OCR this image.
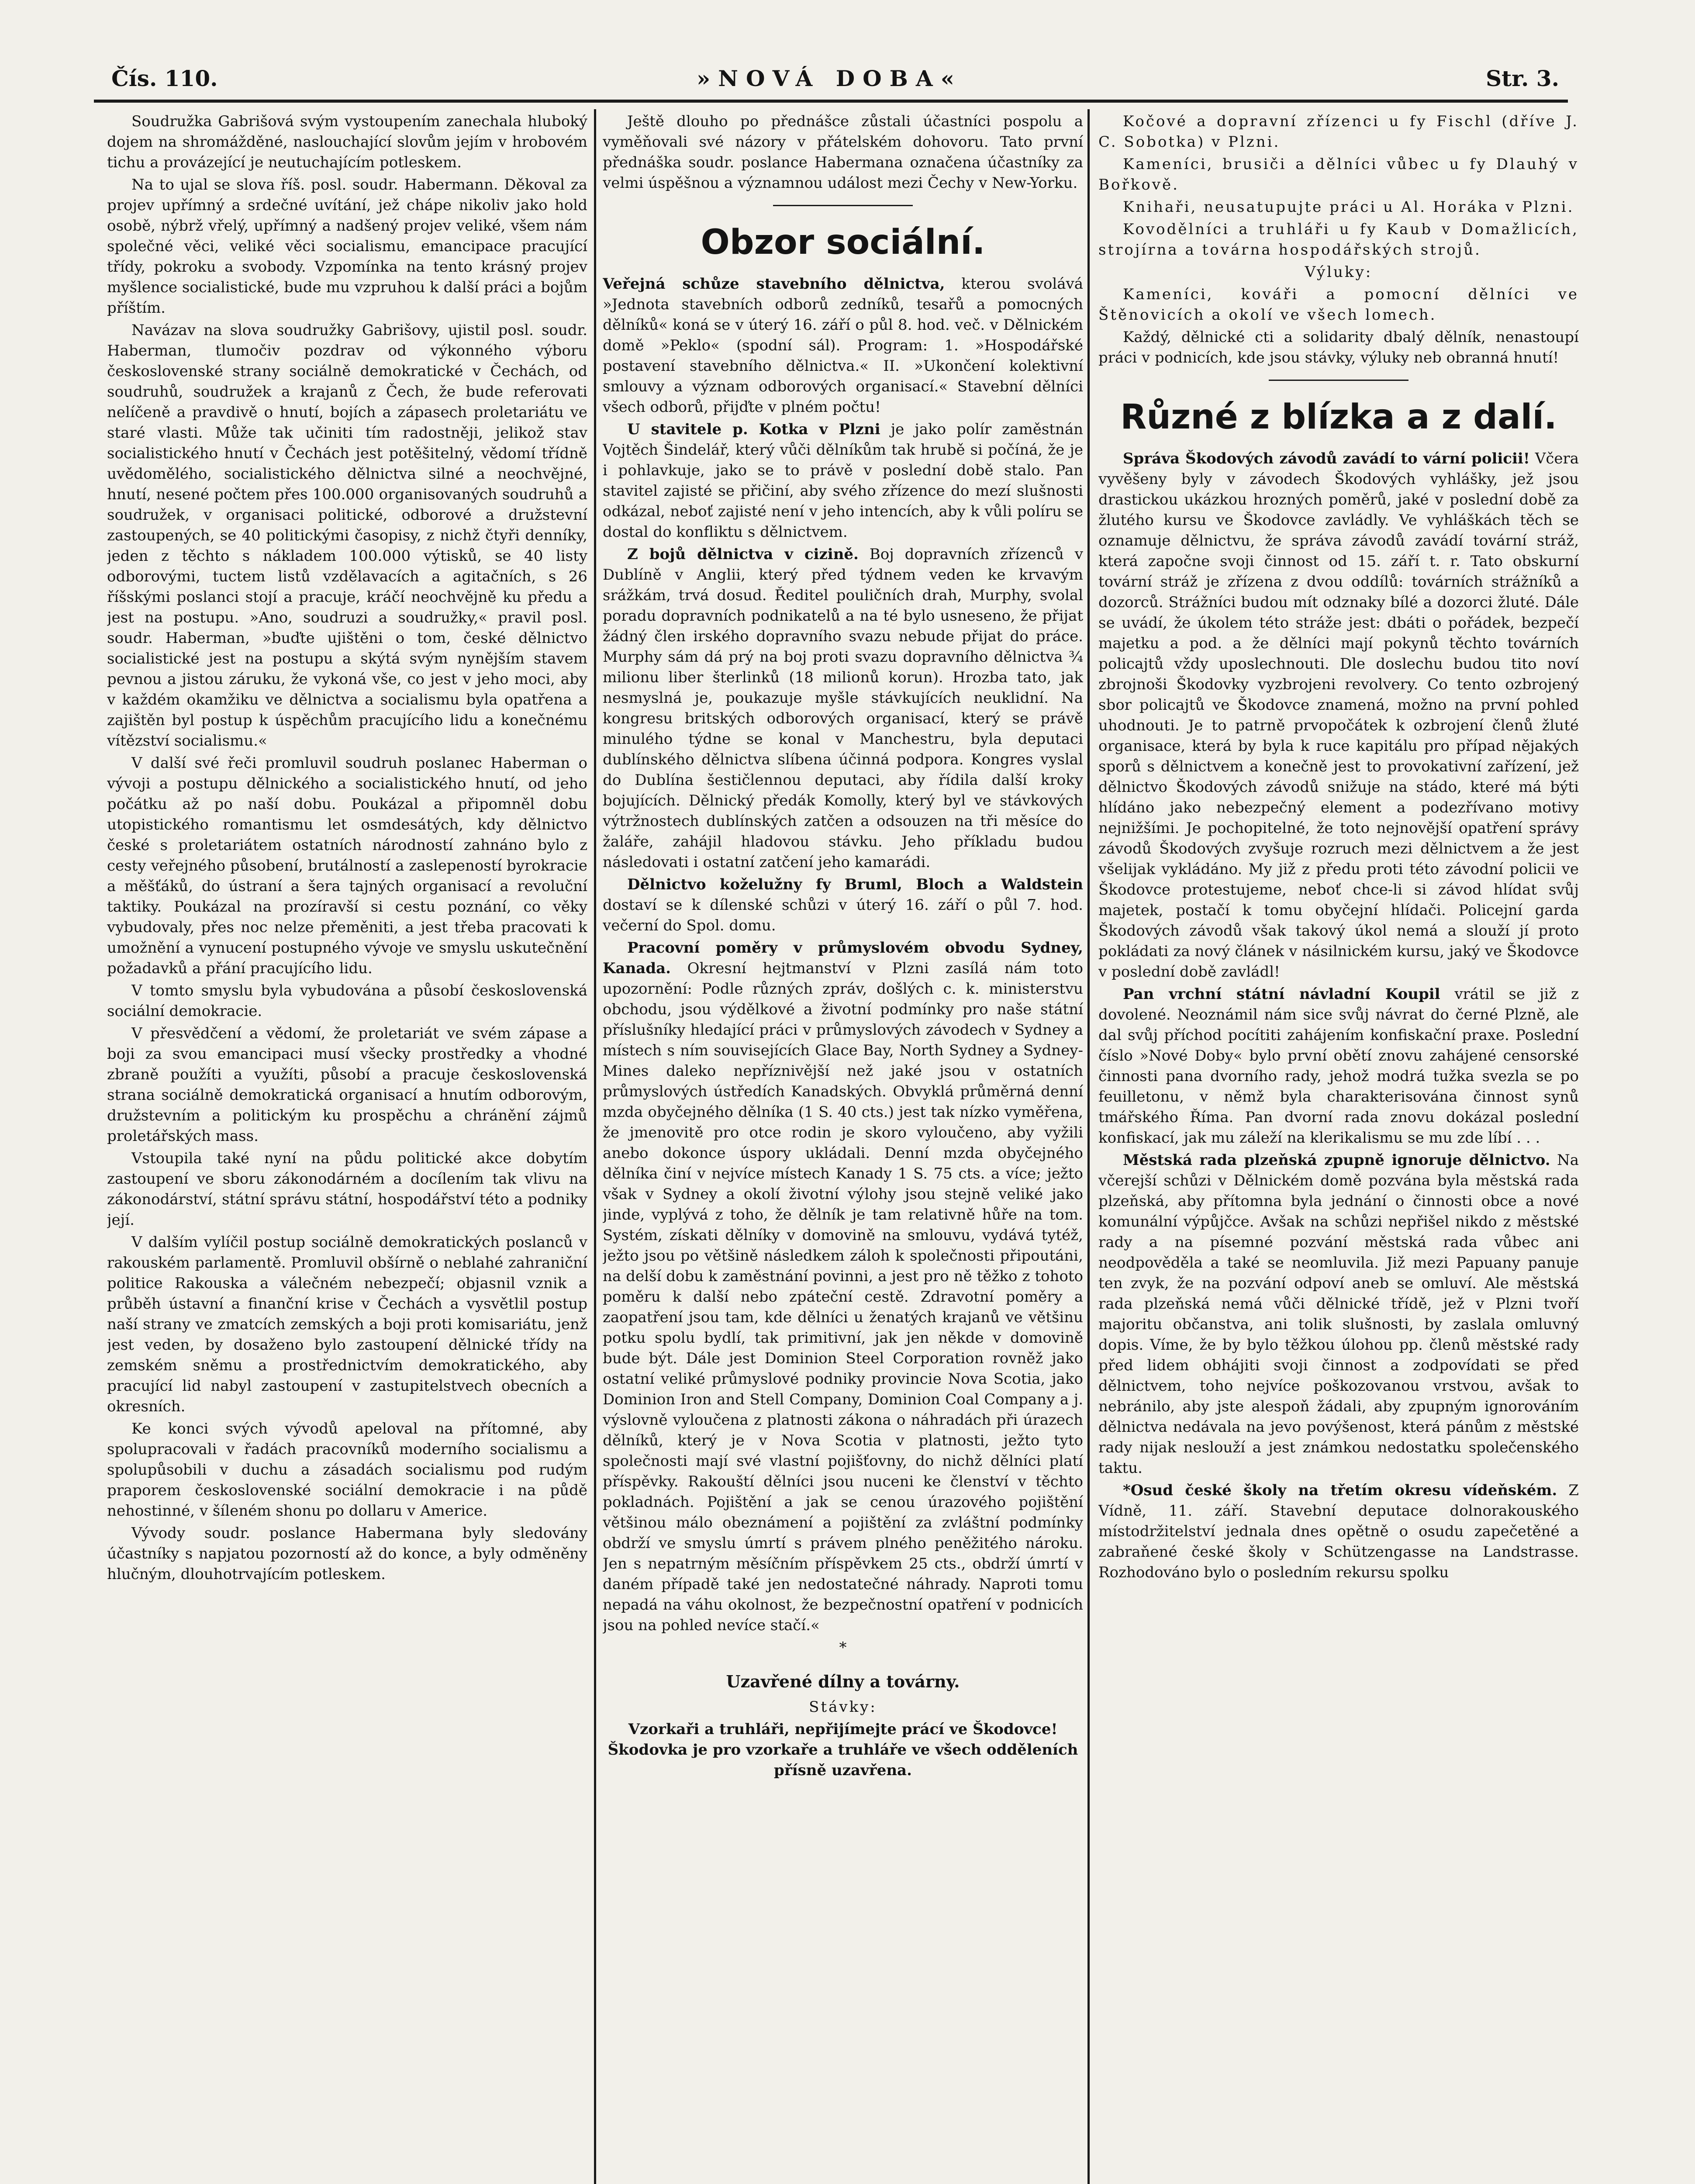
Čís. 110.	»NOVÁ DOBA«	Str. 3.

Soudružka Gabrišová svým vystoupením zanechala hluboký dojem na shromážděné, naslouchající slovům jejím v hrobovém tichu a provázející je neutuchajícím potleskem.

Na to ujal se slova říš. posl. soudr. Habermann. Děkoval za projev upřímný a srdečné uvítání, jež chápe nikoliv jako hold osobě, nýbrž vřelý, upřímný a nadšený projev veliké, všem nám společné věci, veliké věci socialismu, emancipace pracující třídy, pokroku a svobody. Vzpomínka na tento krásný projev myšlence socialistické, bude mu vzpruhou k další práci a bojům příštím.

Navázav na slova soudružky Gabrišovy, ujistil posl. soudr. Haberman, tlumočiv pozdrav od výkonného výboru československé strany sociálně demokratické v Čechách, od soudruhů, soudružek a krajanů z Čech, že bude referovati nelíčeně a pravdivě o hnutí, bojích a zápasech proletariátu ve staré vlasti. Může tak učiniti tím radostněji, jelikož stav socialistického hnutí v Čechách jest potěšitelný, vědomí třídně uvědomělého, socialistického dělnictva silné a neochvějné, hnutí, nesené počtem přes 100.000 organisovaných soudruhů a soudružek, v organisaci politické, odborové a družstevní zastoupených, se 40 politickými časopisy, z nichž čtyři denníky, jeden z těchto s nákladem 100.000 výtisků, se 40 listy odborovými, tuctem listů vzdělavacích a agitačních, s 26 říšskými poslanci stojí a pracuje, kráčí neochvějně ku předu a jest na postupu. »Ano, soudruzi a soudružky,« pravil posl. soudr. Haberman, »buďte ujištěni o tom, české dělnictvo socialistické jest na postupu a skýtá svým nynějším stavem pevnou a jistou záruku, že vykoná vše, co jest v jeho moci, aby v každém okamžiku ve dělnictva a socialismu byla opatřena a zajištěn byl postup k úspěchům pracujícího lidu a konečnému vítězství socialismu.«

V další své řeči promluvil soudruh poslanec Haberman o vývoji a postupu dělnického a socialistického hnutí, od jeho počátku až po naší dobu. Poukázal a připomněl dobu utopistického romantismu let osmdesátých, kdy dělnictvo české s proletariátem ostatních národností zahnáno bylo z cesty veřejného působení, brutálností a zaslepeností byrokracie a měšťáků, do ústraní a šera tajných organisací a revoluční taktiky. Poukázal na prozíravší si cestu poznání, co věky vybudovaly, přes noc nelze přeměniti, a jest třeba pracovati k umožnění a vynucení postupného vývoje ve smyslu uskutečnění požadavků a přání pracujícího lidu.

V tomto smyslu byla vybudována a působí československá sociální demokracie.

V přesvědčení a vědomí, že proletariát ve svém zápase a boji za svou emancipaci musí všecky prostředky a vhodné zbraně použíti a využíti, působí a pracuje československá strana sociálně demokratická organisací a hnutím odborovým, družstevním a politickým ku prospěchu a chránění zájmů proletářských mass.

Vstoupila také nyní na půdu politické akce dobytím zastoupení ve sboru zákonodárném a docílením tak vlivu na zákonodárství, státní správu státní, hospodářství této a podniky její.

V dalším vylíčil postup sociálně demokratických poslanců v rakouském parlamentě. Promluvil obšírně o neblahé zahraniční politice Rakouska a válečném nebezpečí; objasnil vznik a průběh ústavní a finanční krise v Čechách a vysvětlil postup naší strany ve zmatcích zemských a boji proti komisariátu, jenž jest veden, by dosaženo bylo zastoupení dělnické třídy na zemském sněmu a prostřednictvím demokratického, aby pracující lid nabyl zastoupení v zastupitelstvech obecních a okresních.

Ke konci svých vývodů apeloval na přítomné, aby spolupracovali v řadách pracovníků moderního socialismu a spolupůsobili v duchu a zásadách socialismu pod rudým praporem československé sociální demokracie i na půdě nehostinné, v šíleném shonu po dollaru v Americe.

Vývody soudr. poslance Habermana byly sledovány účastníky s napjatou pozorností až do konce, a byly odměněny hlučným, dlouhotrvajícím potleskem.

Ještě dlouho po přednášce zůstali účastníci pospolu a vyměňovali své názory v přátelském dohovoru. Tato první přednáška soudr. poslance Habermana označena účastníky za velmi úspěšnou a významnou událost mezi Čechy v New-Yorku.

Obzor sociální.

Veřejná schůze stavebního dělnictva, kterou svolává »Jednota stavebních odborů zedníků, tesařů a pomocných dělníků« koná se v úterý 16. září o půl 8. hod. več. v Dělnickém domě »Peklo« (spodní sál). Program: 1. »Hospodářské postavení stavebního dělnictva.« II. »Ukončení kolektivní smlouvy a význam odborových organisací.« Stavební dělníci všech odborů, přijďte v plném počtu!

U stavitele p. Kotka v Plzni je jako polír zaměstnán Vojtěch Šindelář, který vůči dělníkům tak hrubě si počíná, že je i pohlavkuje, jako se to právě v poslední době stalo. Pan stavitel zajisté se přičiní, aby svého zřízence do mezí slušnosti odkázal, neboť zajisté není v jeho intencích, aby k vůli políru se dostal do konfliktu s dělnictvem.

Z bojů dělnictva v cizině. Boj dopravních zřízenců v Dublíně v Anglii, který před týdnem veden ke krvavým srážkám, trvá dosud. Ředitel pouličních drah, Murphy, svolal poradu dopravních podnikatelů a na té bylo usneseno, že přijat žádný člen irského dopravního svazu nebude přijat do práce. Murphy sám dá prý na boj proti svazu dopravního dělnictva ¾ milionu liber šterlinků (18 milionů korun). Hrozba tato, jak nesmyslná je, poukazuje myšle stávkujících neuklidní. Na kongresu britských odborových organisací, který se právě minulého týdne se konal v Manchestru, byla deputaci dublínského dělnictva slíbena účinná podpora. Kongres vyslal do Dublína šestičlennou deputaci, aby řídila další kroky bojujících. Dělnický předák Komolly, který byl ve stávkových výtržnostech dublínských zatčen a odsouzen na tři měsíce do žaláře, zahájil hladovou stávku. Jeho příkladu budou následovati i ostatní zatčení jeho kamarádi.

Dělnictvo koželužny fy Bruml, Bloch a Waldstein dostaví se k dílenské schůzi v úterý 16. září o půl 7. hod. večerní do Spol. domu.

Pracovní poměry v průmyslovém obvodu Sydney, Kanada. Okresní hejtmanství v Plzni zasílá nám toto upozornění: Podle různých zpráv, došlých c. k. ministerstvu obchodu, jsou výdělkové a životní podmínky pro naše státní příslušníky hledající práci v průmyslových závodech v Sydney a místech s ním souvisejících Glace Bay, North Sydney a Sydney-Mines daleko nepříznivější než jaké jsou v ostatních průmyslových ústředích Kanadských. Obvyklá průměrná denní mzda obyčejného dělníka (1 S. 40 cts.) jest tak nízko vyměřena, že jmenovitě pro otce rodin je skoro vyloučeno, aby vyžili anebo dokonce úspory ukládali. Denní mzda obyčejného dělníka činí v nejvíce místech Kanady 1 S. 75 cts. a více; ježto však v Sydney a okolí životní výlohy jsou stejně veliké jako jinde, vyplývá z toho, že dělník je tam relativně hůře na tom. Systém, získati dělníky v domovině na smlouvu, vydává tytéž, ježto jsou po většině následkem záloh k společnosti připoutáni, na delší dobu k zaměstnání povinni, a jest pro ně těžko z tohoto poměru k další nebo zpáteční cestě. Zdravotní poměry a zaopatření jsou tam, kde dělníci u ženatých krajanů ve většinu potku spolu bydlí, tak primitivní, jak jen někde v domovině bude být. Dále jest Dominion Steel Corporation rovněž jako ostatní veliké průmyslové podniky provincie Nova Scotia, jako Dominion Iron and Stell Company, Dominion Coal Company a j. výslovně vyloučena z platnosti zákona o náhradách při úrazech dělníků, který je v Nova Scotia v platnosti, ježto tyto společnosti mají své vlastní pojišťovny, do nichž dělníci platí příspěvky. Rakouští dělníci jsou nuceni ke členství v těchto pokladnách. Pojištění a jak se cenou úrazového pojištění většinou málo obeznámení a pojištění za zvláštní podmínky obdrží ve smyslu úmrtí s právem plného peněžitého nároku. Jen s nepatrným měsíčním příspěvkem 25 cts., obdrží úmrtí v daném případě také jen nedostatečné náhrady. Naproti tomu nepadá na váhu okolnost, že bezpečnostní opatření v podnicích jsou na pohled nevíce stačí.«

*

Uzavřené dílny a továrny.

Stávky:

Vzorkaři a truhláři, nepřijímejte prácí ve Škodovce! Škodovka je pro vzorkaře a truhláře ve všech odděleních přísně uzavřena.

Kočové a dopravní zřízenci u fy Fischl (dříve J. C. Sobotka) v Plzni.

Kameníci, brusiči a dělníci vůbec u fy Dlauhý v Bořkově.

Knihaři, neusatupujte práci u Al. Horáka v Plzni.

Kovodělníci a truhláři u fy Kaub v Domažlicích, strojírna a továrna hospodářských strojů.

Výluky:

Kameníci, kováři a pomocní dělníci ve Štěnovicích a okolí ve všech lomech.

Každý, dělnické cti a solidarity dbalý dělník, nenastoupí práci v podnicích, kde jsou stávky, výluky neb obranná hnutí!

Různé z blízka a z dalí.

Správa Škodových závodů zavádí to vární policii! Včera vyvěšeny byly v závodech Škodových vyhlášky, jež jsou drastickou ukázkou hrozných poměrů, jaké v poslední době za žlutého kursu ve Škodovce zavládly. Ve vyhláškách těch se oznamuje dělnictvu, že správa závodů zavádí tovární stráž, která započne svoji činnost od 15. září t. r. Tato obskurní tovární stráž je zřízena z dvou oddílů: továrních strážníků a dozorců. Strážníci budou mít odznaky bílé a dozorci žluté. Dále se uvádí, že úkolem této stráže jest: dbáti o pořádek, bezpečí majetku a pod. a že dělníci mají pokynů těchto továrních policajtů vždy uposlechnouti. Dle doslechu budou tito noví zbrojnoši Škodovky vyzbrojeni revolvery. Co tento ozbrojený sbor policajtů ve Škodovce znamená, možno na první pohled uhodnouti. Je to patrně prvopočátek k ozbrojení členů žluté organisace, která by byla k ruce kapitálu pro případ nějakých sporů s dělnictvem a konečně jest to provokativní zařízení, jež dělnictvo Škodových závodů snižuje na stádo, které má býti hlídáno jako nebezpečný element a podezřívano motivy nejnižšími. Je pochopitelné, že toto nejnovější opatření správy závodů Škodových zvyšuje rozruch mezi dělnictvem a že jest všelijak vykládáno. My již z předu proti této závodní policii ve Škodovce protestujeme, neboť chce-li si závod hlídat svůj majetek, postačí k tomu obyčejní hlídači. Policejní garda Škodových závodů však takový úkol nemá a slouží jí proto pokládati za nový článek v násilnickém kursu, jaký ve Škodovce v poslední době zavládl!

Pan vrchní státní návladní Koupil vrátil se již z dovolené. Neoznámil nám sice svůj návrat do černé Plzně, ale dal svůj příchod pocítiti zahájením konfiskační praxe. Poslední číslo »Nové Doby« bylo první obětí znovu zahájené censorské činnosti pana dvorního rady, jehož modrá tužka svezla se po feuilletonu, v němž byla charakterisována činnost synů tmářského Říma. Pan dvorní rada znovu dokázal poslední konfiskací, jak mu záleží na klerikalismu se mu zde líbí . . .

Městská rada plzeňská zpupně ignoruje dělnictvo. Na včerejší schůzi v Dělnickém domě pozvána byla městská rada plzeňská, aby přítomna byla jednání o činnosti obce a nové komunální výpůjčce. Avšak na schůzi nepřišel nikdo z městské rady a na písemné pozvání městská rada vůbec ani neodpověděla a také se neomluvila. Již mezi Papuany panuje ten zvyk, že na pozvání odpoví aneb se omluví. Ale městská rada plzeňská nemá vůči dělnické třídě, jež v Plzni tvoří majoritu občanstva, ani tolik slušnosti, by zaslala omluvný dopis. Víme, že by bylo těžkou úlohou pp. členů městské rady před lidem obhájiti svoji činnost a zodpovídati se před dělnictvem, toho nejvíce poškozovanou vrstvou, avšak to nebránilo, aby jste alespoň žádali, aby zpupným ignorováním dělnictva nedávala na jevo povýšenost, která pánům z městské rady nijak neslouží a jest známkou nedostatku společenského taktu.

*Osud české školy na třetím okresu vídeňském. Z Vídně, 11. září. Stavební deputace dolnorakouského místodržitelství jednala dnes opětně o osudu zapečetěné a zabraňené české školy v Schützengasse na Landstrasse. Rozhodováno bylo o posledním rekursu spolku
